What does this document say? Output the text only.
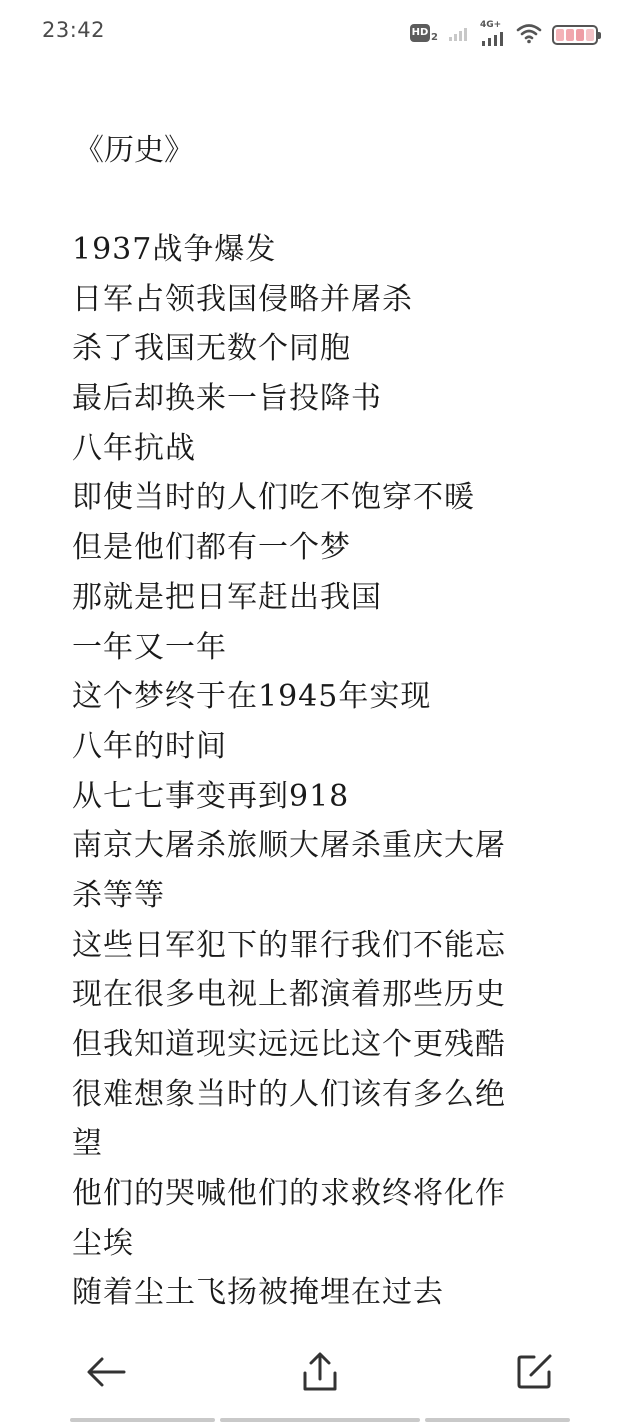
23:42	HD 2
4G+
《历史》
1937战争爆发
日军占领我国侵略并屠杀
杀了我国无数个同胞
最后却换来一旨投降书
八年抗战
即使当时的人们吃不饱穿不暖
但是他们都有一个梦
那就是把日军赶出我国
一年又一年
这个梦终于在1945年实现
八年的时间
从七七事变再到918
南京大屠杀旅顺大屠杀重庆大屠
杀等等
这些日军犯下的罪行我们不能忘
现在很多电视上都演着那些历史
但我知道现实远远比这个更残酷
很难想象当时的人们该有多么绝
望
他们的哭喊他们的求救终将化作
尘埃
随着尘土飞扬被掩埋在过去
